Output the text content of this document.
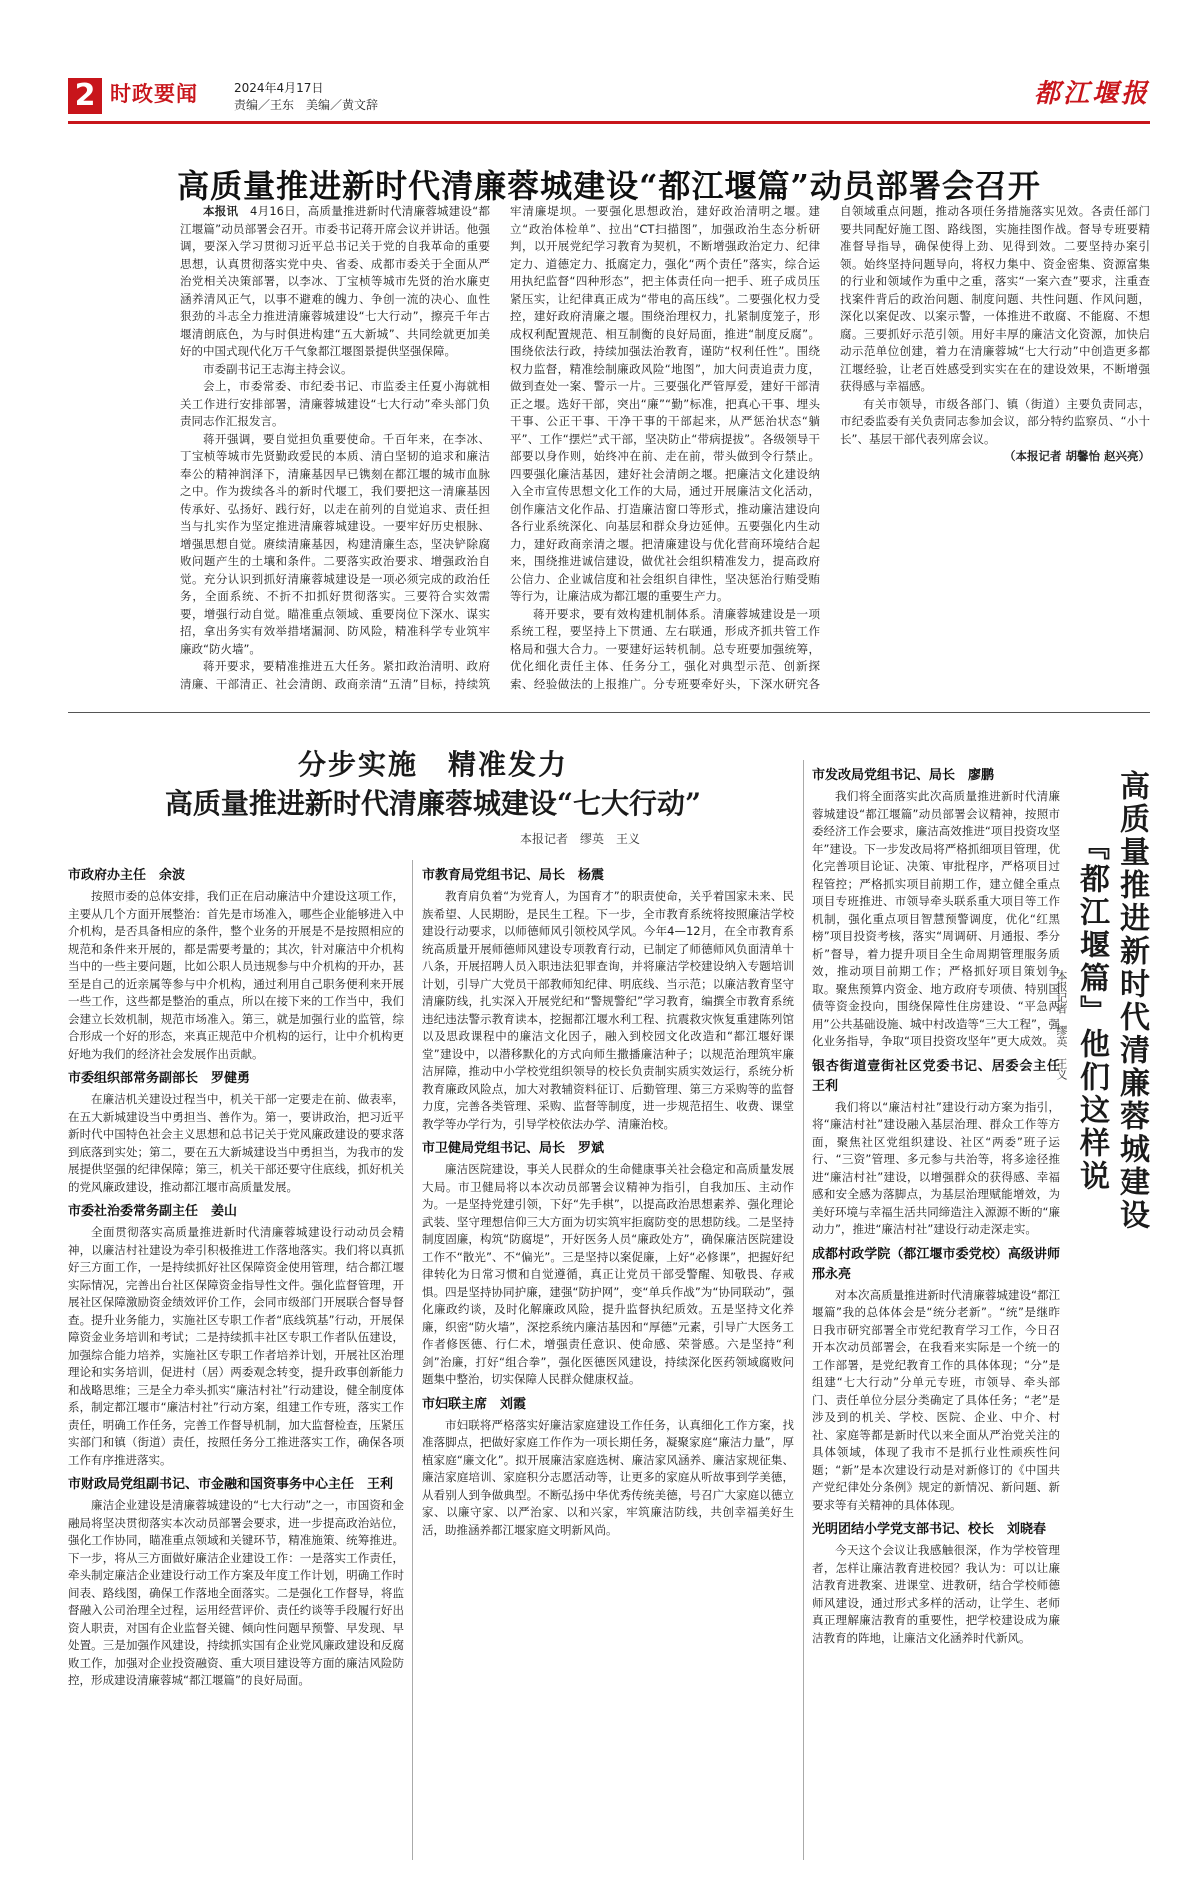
2 时政要闻	2024年4月17日
责编／王东　美编／黄文辞	都江堰报
高质量推进新时代清廉蓉城建设“都江堰篇”动员部署会召开

本报讯　 4月16日，高质量推进新时代清廉蓉城建设“都江堰篇”动员部署会召开。市委书记蒋开席会议并讲话。他强调，要深入学习贯彻习近平总书记关于党的自我革命的重要思想，认真贯彻落实党中央、省委、成都市委关于全面从严治党相关决策部署，以李冰、丁宝桢等城市先贤的治水廉吏涵养清风正气，以事不避难的魄力、争创一流的决心、血性狠劲的斗志全力推进清廉蓉城建设“七大行动”，擦亮千年古堰清朗底色，为与时俱进构建“五大新城”、共同绘就更加美好的中国式现代化万千气象都江堰图景提供坚强保障。

市委副书记王志海主持会议。

会上，市委常委、市纪委书记、市监委主任夏小海就相关工作进行安排部署，清廉蓉城建设“七大行动”牵头部门负责同志作汇报发言。

蒋开强调，要自觉担负重要使命。千百年来，在李冰、丁宝桢等城市先贤勤政爱民的本质、清白坚韧的追求和廉洁奉公的精神润泽下，清廉基因早已镌刻在都江堰的城市血脉之中。作为拨续各斗的新时代堰工，我们要把这一清廉基因传承好、弘扬好、践行好，以走在前列的自觉追求、责任担当与扎实作为坚定推进清廉蓉城建设。一要牢好历史根脉、增强思想自觉。赓续清廉基因，构建清廉生态，坚决铲除腐败问题产生的土壤和条件。二要落实政治要求、增强政治自觉。充分认识到抓好清廉蓉城建设是一项必须完成的政治任务，全面系统、不折不扣抓好贯彻落实。三要符合实效需要，增强行动自觉。瞄准重点领域、重要岗位下深水、谋实招，拿出务实有效举措堵漏洞、防风险，精准科学专业筑牢廉政“防火墙”。

蒋开要求，要精准推进五大任务。紧扣政治清明、政府清廉、干部清正、社会清朗、政商亲清“五清”目标，持续筑牢清廉堤坝。一要强化思想政治，建好政治清明之堰。建立“政治体检单”、拉出“CT扫描图”，加强政治生态分析研判，以开展党纪学习教育为契机，不断增强政治定力、纪律定力、道德定力、抵腐定力，强化“两个责任”落实，综合运用执纪监督“四种形态”，把主体责任向一把手、班子成员压紧压实，让纪律真正成为“带电的高压线”。二要强化权力受控，建好政府清廉之堰。围绕治理权力，扎紧制度笼子，形成权利配置规范、相互制衡的良好局面，推进“制度反腐”。围绕依法行政，持续加强法治教育，谨防“权利任性”。围绕权力监督，精准绘制廉政风险“地图”，加大问责追责力度，做到查处一案、警示一片。三要强化严管厚爱，建好干部清正之堰。选好干部，突出“廉”“勤”标准，把真心干事、埋头干事、公正干事、干净干事的干部起来，从严惩治状态“躺平”、工作“摆烂”式干部，坚决防止“带病提拔”。各级领导干部要以身作则，始终冲在前、走在前，带头做到令行禁止。四要强化廉洁基因，建好社会清朗之堰。把廉洁文化建设纳入全市宣传思想文化工作的大局，通过开展廉洁文化活动，创作廉洁文化作品、打造廉洁窗口等形式，推动廉洁建设向各行业系统深化、向基层和群众身边延伸。五要强化内生动力，建好政商亲清之堰。把清廉建设与优化营商环境结合起来，围绕推进诚信建设，做优社会组织精准发力，提高政府公信力、企业诚信度和社会组织自律性，坚决惩治行贿受贿等行为，让廉洁成为都江堰的重要生产力。

蒋开要求，要有效构建机制体系。清廉蓉城建设是一项系统工程，要坚持上下贯通、左右联通，形成齐抓共管工作格局和强大合力。一要建好运转机制。总专班要加强统筹，优化细化责任主体、任务分工，强化对典型示范、创新探索、经验做法的上报推广。分专班要牵好头，下深水研究各自领域重点问题，推动各项任务措施落实见效。各责任部门要共同配好施工图、路线图，实施挂图作战。督导专班要精准督导指导，确保使得上劲、见得到效。二要坚持办案引领。始终坚持问题导向，将权力集中、资金密集、资源富集的行业和领域作为重中之重，落实“一案六查”要求，注重查找案件背后的政治问题、制度问题、共性问题、作风问题，深化以案促改、以案示警，一体推进不敢腐、不能腐、不想腐。三要抓好示范引领。用好丰厚的廉洁文化资源，加快启动示范单位创建，着力在清廉蓉城“七大行动”中创造更多都江堰经验，让老百姓感受到实实在在的建设效果，不断增强获得感与幸福感。

有关市领导，市级各部门、镇（街道）主要负责同志，市纪委监委有关负责同志参加会议，部分特约监察员、“小十长”、基层干部代表列席会议。

（本报记者 胡馨怡 赵兴亮）

分步实施　精准发力
高质量推进新时代清廉蓉城建设“七大行动”
本报记者　缪英　王义
市政府办主任　余波

按照市委的总体安排，我们正在启动廉洁中介建设这项工作，主要从几个方面开展整治：首先是市场准入，哪些企业能够进入中介机构，是否具备相应的条件，整个业务的开展是不是按照相应的规范和条件来开展的，都是需要考量的；其次，针对廉洁中介机构当中的一些主要问题，比如公职人员违规参与中介机构的开办，甚至是自己的近亲属等参与中介机构，通过利用自己职务便利来开展一些工作，这些都是整治的重点，所以在接下来的工作当中，我们会建立长效机制，规范市场准入。第三，就是加强行业的监管，综合形成一个好的形态，来真正规范中介机构的运行，让中介机构更好地为我们的经济社会发展作出贡献。

市委组织部常务副部长　罗健勇

在廉洁机关建设过程当中，机关干部一定要走在前、做表率，在五大新城建设当中勇担当、善作为。第一，要讲政治，把习近平新时代中国特色社会主义思想和总书记关于党风廉政建设的要求落到底落到实处；第二，要在五大新城建设当中勇担当，为我市的发展提供坚强的纪律保障；第三，机关干部还要守住底线，抓好机关的党风廉政建设，推动都江堰市高质量发展。

市委社治委常务副主任　姜山

全面贯彻落实高质量推进新时代清廉蓉城建设行动动员会精神，以廉洁村社建设为牵引积极推进工作落地落实。我们将以真抓好三方面工作，一是持续抓好社区保障资金使用管理，结合都江堰实际情况，完善出台社区保障资金指导性文件。强化监督管理，开展社区保障激励资金绩效评价工作，会同市级部门开展联合督导督查。提升业务能力，实施社区专职工作者“底线筑基”行动，开展保障资金业务培训和考试；二是持续抓丰社区专职工作者队伍建设，加强综合能力培养，实施社区专职工作者培养计划，开展社区治理理论和实务培训，促进村（居）两委观念转变，提升政事创新能力和战略思维；三是全力牵头抓实“廉洁村社”行动建设，健全制度体系，制定都江堰市“廉洁村社”行动方案，组建工作专班，落实工作责任，明确工作任务，完善工作督导机制，加大监督检查，压紧压实部门和镇（街道）责任，按照任务分工推进落实工作，确保各项工作有序推进落实。

市财政局党组副书记、市金融和国资事务中心主任　王利

廉洁企业建设是清廉蓉城建设的“七大行动”之一，市国资和金融局将坚决贯彻落实本次动员部署会要求，进一步提高政治站位，强化工作协同，瞄准重点领域和关键环节，精准施策、统筹推进。下一步，将从三方面做好廉洁企业建设工作：一是落实工作责任，牵头制定廉洁企业建设行动工作方案及年度工作计划，明确工作时间表、路线图，确保工作落地全面落实。二是强化工作督导，将监督融入公司治理全过程，运用经营评价、责任约谈等手段履行好出资人职责，对国有企业监督关键、倾向性问题早预警、早发现、早处置。三是加强作风建设，持续抓实国有企业党风廉政建设和反腐败工作，加强对企业投资融资、重大项目建设等方面的廉洁风险防控，形成建设清廉蓉城“都江堰篇”的良好局面。

市教育局党组书记、局长　杨震

教育肩负着“为党育人，为国育才”的职责使命，关乎着国家未来、民族希望、人民期盼，是民生工程。下一步，全市教育系统将按照廉洁学校建设行动要求，以师德师风引领校风学风。今年4—12月，在全市教育系统高质量开展师德师风建设专项教育行动，已制定了师德师风负面清单十八条，开展招聘人员入职违法犯罪查询，并将廉洁学校建设纳入专题培训计划，引导广大党员干部教师知纪律、明底线、当示范；以廉洁教育坚守清廉防线，扎实深入开展党纪和“警规警纪”学习教育，编撰全市教育系统违纪违法警示教育读本，挖掘都江堰水利工程、抗震救灾恢复重建陈列馆以及思政课程中的廉洁文化因子，融入到校园文化改造和“都江堰好课堂”建设中，以潜移默化的方式向师生撒播廉洁种子；以规范治理筑牢廉洁屏障，推动中小学校党组织领导的校长负责制实质实效运行，系统分析教育廉政风险点，加大对教辅资料征订、后勤管理、第三方采购等的监督力度，完善各类管理、采购、监督等制度，进一步规范招生、收费、课堂教学等办学行为，引导学校依法办学、清廉治校。

市卫健局党组书记、局长　罗斌

廉洁医院建设，事关人民群众的生命健康事关社会稳定和高质量发展大局。市卫健局将以本次动员部署会议精神为指引，自我加压、主动作为。一是坚持党建引领，下好“先手棋”，以提高政治思想素养、强化理论武装、坚守理想信仰三大方面为切实筑牢拒腐防变的思想防线。二是坚持制度固廉，构筑“防腐堤”，开好医务人员“廉政处方”，确保廉洁医院建设工作不“散光”、不“偏光”。三是坚持以案促廉，上好“必修课”，把握好纪律转化为日常习惯和自觉遵循，真正让党员干部受警醒、知敬畏、存戒惧。四是坚持协同护廉，建强“防护网”，变“单兵作战”为“协同联动”，强化廉政约谈，及时化解廉政风险，提升监督执纪质效。五是坚持文化养廉，织密“防火墙”，深挖系统内廉洁基因和“厚德”元素，引导广大医务工作者修医德、行仁术，增强责任意识、使命感、荣誉感。六是坚持“利剑”治廉，打好“组合拳”，强化医德医风建设，持续深化医药领域腐败问题集中整治，切实保障人民群众健康权益。

市妇联主席　刘霞

市妇联将严格落实好廉洁家庭建设工作任务，认真细化工作方案，找准落脚点，把做好家庭工作作为一项长期任务，凝聚家庭“廉洁力量”，厚植家庭“廉文化”。拟开展廉洁家庭选树、廉洁家风涵养、廉洁家规征集、廉洁家庭培训、家庭积分志愿活动等，让更多的家庭从听故事到学美德，从看别人到争做典型。不断弘扬中华优秀传统美德，号召广大家庭以德立家、以廉守家、以严治家、以和兴家，牢筑廉洁防线，共创幸福美好生活，助推涵养都江堰家庭文明新风尚。

市发改局党组书记、局长　廖鹏

我们将全面落实此次高质量推进新时代清廉蓉城建设“都江堰篇”动员部署会议精神，按照市委经济工作会要求，廉洁高效推进“项目投资攻坚年”建设。下一步发改局将严格抓细项目管理，优化完善项目论证、决策、审批程序，严格项目过程管控；严格抓实项目前期工作，建立健全重点项目专班推进、市领导牵头联系重大项目等工作机制，强化重点项目智慧预警调度，优化“红黑榜”项目投资考核，落实“周调研、月通报、季分析”督导，着力提升项目全生命周期管理服务质效，推动项目前期工作；严格抓好项目策划争取。聚焦预算内资金、地方政府专项债、特别国债等资金投向，围绕保障性住房建设、“平急两用”公共基础设施、城中村改造等“三大工程”，强化业务指导，争取“项目投资攻坚年”更大成效。

银杏街道壹街社区党委书记、居委会主任　王利

我们将以“廉洁村社”建设行动方案为指引，将“廉洁村社”建设融入基层治理、群众工作等方面，聚焦社区党组织建设、社区“两委”班子运行、“三资”管理、多元参与共治等，将多途径推进“廉洁村社”建设，以增强群众的获得感、幸福感和安全感为落脚点，为基层治理赋能增效，为美好环境与幸福生活共同缔造注入源源不断的“廉动力”，推进“廉洁村社”建设行动走深走实。

成都村政学院（都江堰市委党校）高级讲师　邢永亮

对本次高质量推进新时代清廉蓉城建设“都江堰篇”我的总体体会是“统分老新”。“统”是继昨日我市研究部署全市党纪教育学习工作，今日召开本次动员部署会，在我看来实际是一个统一的工作部署，是党纪教育工作的具体体现；“分”是组建“七大行动”分单元专班，市领导、牵头部门、责任单位分层分类确定了具体任务；“老”是涉及到的机关、学校、医院、企业、中介、村社、家庭等都是新时代以来全面从严治党关注的具体领域，体现了我市不是抓行业性顽疾性问题；“新”是本次建设行动是对新修订的《中国共产党纪律处分条例》规定的新情况、新问题、新要求等有关精神的具体体现。

光明团结小学党支部书记、校长　刘晓春

今天这个会议让我感触很深，作为学校管理者，怎样让廉洁教育进校园？我认为：可以让廉洁教育进教案、进课堂、进教研，结合学校师德师风建设，通过形式多样的活动，让学生、老师真正理解廉洁教育的重要性，把学校建设成为廉洁教育的阵地，让廉洁文化涵养时代新风。

高质量推进新时代清廉蓉城建设
『都江堰篇』他们这样说
本报记者　缪英　王义
